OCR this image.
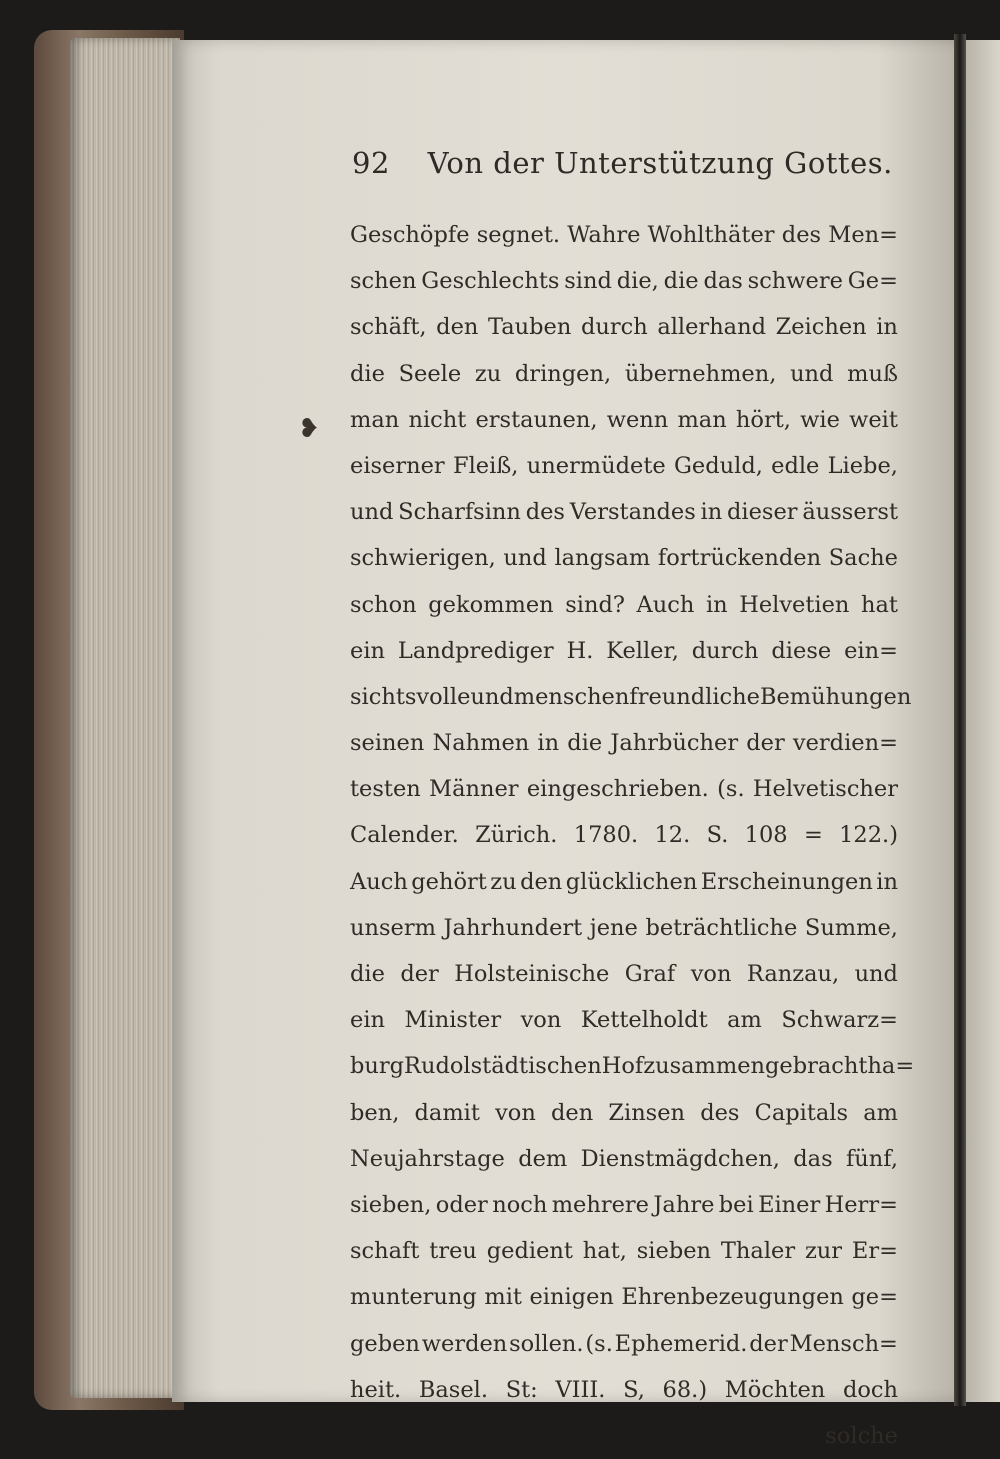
92 Von der Unterstützung Gottes.
❥
Geschöpfe segnet. Wahre Wohlthäter des Men=
schen Geschlechts sind die, die das schwere Ge=
schäft, den Tauben durch allerhand Zeichen in
die Seele zu dringen, übernehmen, und muß
man nicht erstaunen, wenn man hört, wie weit
eiserner Fleiß, unermüdete Geduld, edle Liebe,
und Scharfsinn des Verstandes in dieser äusserst
schwierigen, und langsam fortrückenden Sache
schon gekommen sind? Auch in Helvetien hat
ein Landprediger H. Keller, durch diese ein=
sichtsvolle und menschenfreundliche Bemühungen
seinen Nahmen in die Jahrbücher der verdien=
testen Männer eingeschrieben. (s. Helvetischer
Calender. Zürich. 1780. 12. S. 108 = 122.)
Auch gehört zu den glücklichen Erscheinungen in
unserm Jahrhundert jene beträchtliche Summe,
die der Holsteinische Graf von Ranzau, und
ein Minister von Kettelholdt am Schwarz=
burgRudolstädtischen Hof zusammengebracht ha=
ben, damit von den Zinsen des Capitals am
Neujahrstage dem Dienstmägdchen, das fünf,
sieben, oder noch mehrere Jahre bei Einer Herr=
schaft treu gedient hat, sieben Thaler zur Er=
munterung mit einigen Ehrenbezeugungen ge=
geben werden sollen. (s. Ephemerid. der Mensch=
heit. Basel. St: VIII. S, 68.) Möchten doch
solche
